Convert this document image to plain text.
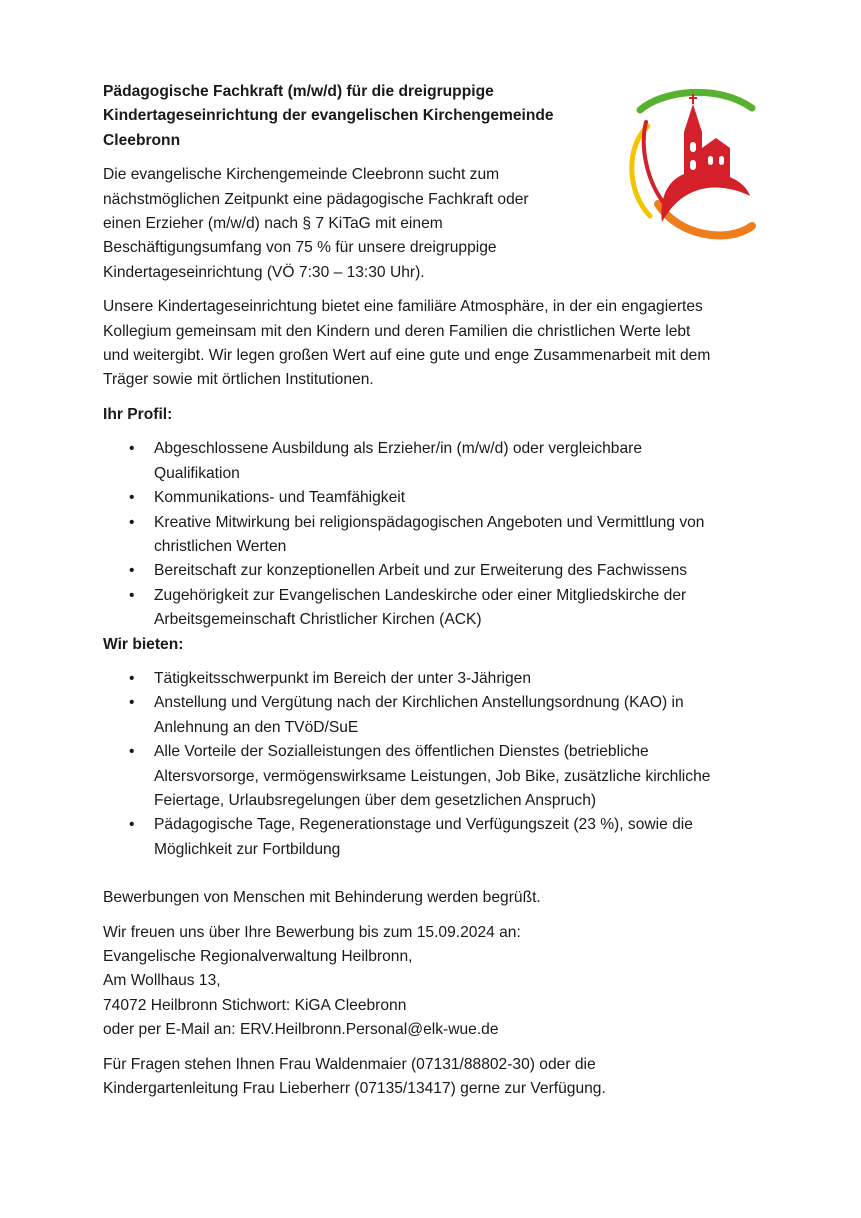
Pädagogische Fachkraft (m/w/d) für die dreigruppige
Kindertageseinrichtung der evangelischen Kirchengemeinde
Cleebronn
Die evangelische Kirchengemeinde Cleebronn sucht zum
nächstmöglichen Zeitpunkt eine pädagogische Fachkraft oder
einen Erzieher (m/w/d) nach § 7 KiTaG mit einem
Beschäftigungsumfang von 75 % für unsere dreigruppige
Kindertageseinrichtung (VÖ 7:30 – 13:30 Uhr).

Unsere Kindertageseinrichtung bietet eine familiäre Atmosphäre, in der ein engagiertes
Kollegium gemeinsam mit den Kindern und deren Familien die christlichen Werte lebt
und weitergibt. Wir legen großen Wert auf eine gute und enge Zusammenarbeit mit dem
Träger sowie mit örtlichen Institutionen.

Ihr Profil:
• Abgeschlossene Ausbildung als Erzieher/in (m/w/d) oder vergleichbare
Qualifikation
• Kommunikations- und Teamfähigkeit
• Kreative Mitwirkung bei religionspädagogischen Angeboten und Vermittlung von
christlichen Werten
• Bereitschaft zur konzeptionellen Arbeit und zur Erweiterung des Fachwissens
• Zugehörigkeit zur Evangelischen Landeskirche oder einer Mitgliedskirche der
Arbeitsgemeinschaft Christlicher Kirchen (ACK)
Wir bieten:
• Tätigkeitsschwerpunkt im Bereich der unter 3-Jährigen
• Anstellung und Vergütung nach der Kirchlichen Anstellungsordnung (KAO) in
Anlehnung an den TVöD/SuE
• Alle Vorteile der Sozialleistungen des öffentlichen Dienstes (betriebliche
Altersvorsorge, vermögenswirksame Leistungen, Job Bike, zusätzliche kirchliche
Feiertage, Urlaubsregelungen über dem gesetzlichen Anspruch)
• Pädagogische Tage, Regenerationstage und Verfügungszeit (23 %), sowie die
Möglichkeit zur Fortbildung

Bewerbungen von Menschen mit Behinderung werden begrüßt.

Wir freuen uns über Ihre Bewerbung bis zum 15.09.2024 an:
Evangelische Regionalverwaltung Heilbronn,
Am Wollhaus 13,
74072 Heilbronn Stichwort: KiGA Cleebronn
oder per E-Mail an: ERV.Heilbronn.Personal@elk-wue.de

Für Fragen stehen Ihnen Frau Waldenmaier (07131/88802-30) oder die
Kindergartenleitung Frau Lieberherr (07135/13417) gerne zur Verfügung.
